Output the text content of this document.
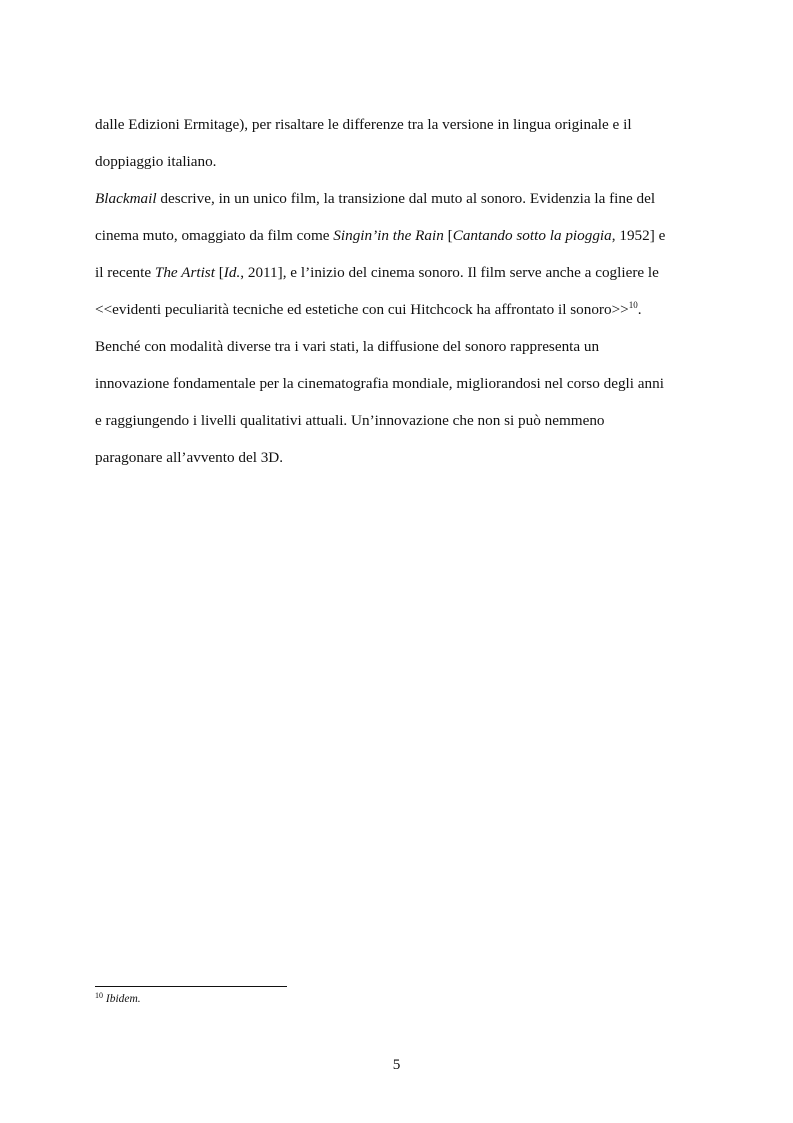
dalle Edizioni Ermitage), per risaltare le differenze tra la versione in lingua originale e il
doppiaggio italiano.
Blackmail descrive, in un unico film, la transizione dal muto al sonoro. Evidenzia la fine del
cinema muto, omaggiato da film come Singin’in the Rain [Cantando sotto la pioggia, 1952] e
il recente The Artist [Id., 2011], e l’inizio del cinema sonoro. Il film serve anche a cogliere le
<<evidenti peculiarità tecniche ed estetiche con cui Hitchcock ha affrontato il sonoro>>$^{10}$.
Benché con modalità diverse tra i vari stati, la diffusione del sonoro rappresenta un
innovazione fondamentale per la cinematografia mondiale, migliorandosi nel corso degli anni
e raggiungendo i livelli qualitativi attuali. Un’innovazione che non si può nemmeno
paragonare all’avvento del 3D.
$^{10}$ Ibidem.
5
